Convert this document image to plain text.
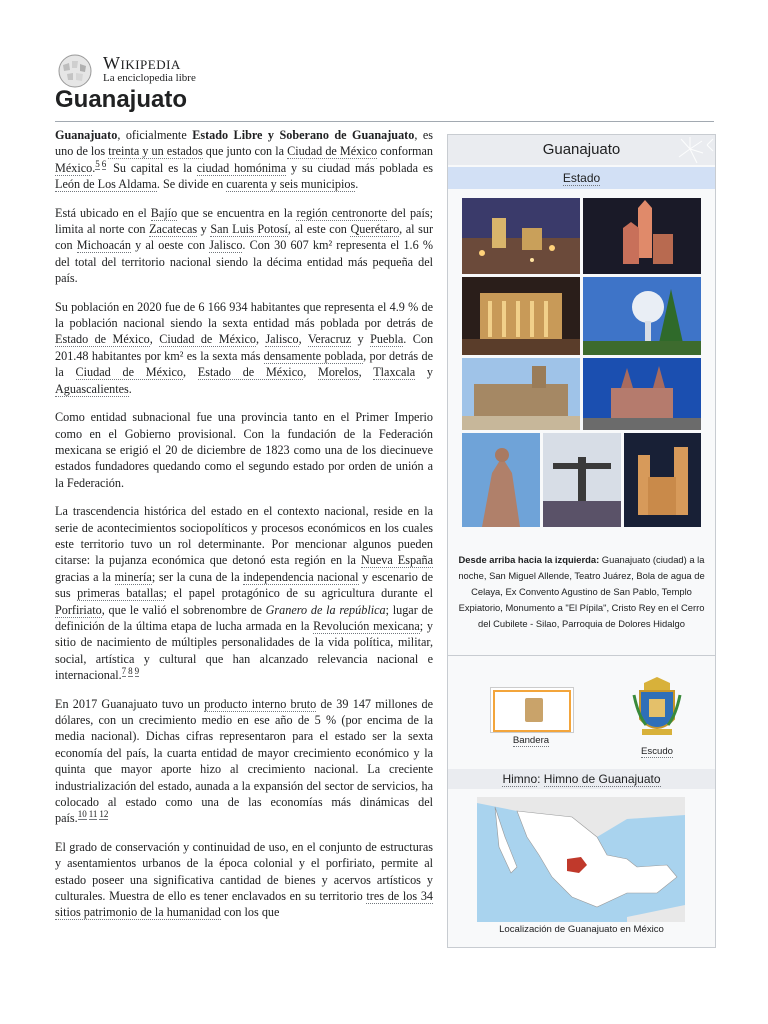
Wikipedia
La enciclopedia libre
Guanajuato

Guanajuato, oficialmente Estado Libre y Soberano de Guanajuato, es uno de los treinta y un estados que junto con la Ciudad de México conforman México.$^{5 6}$ Su capital es la ciudad homónima y su ciudad más poblada es León de Los Aldama. Se divide en cuarenta y seis municipios.

Está ubicado en el Bajío que se encuentra en la región centronorte del país; limita al norte con Zacatecas y San Luis Potosí, al este con Querétaro, al sur con Michoacán y al oeste con Jalisco. Con 30 607 km² representa el 1.6 % del total del territorio nacional siendo la décima entidad más pequeña del país.

Su población en 2020 fue de 6 166 934 habitantes que representa el 4.9 % de la población nacional siendo la sexta entidad más poblada por detrás de Estado de México, Ciudad de México, Jalisco, Veracruz y Puebla. Con 201.48 habitantes por km² es la sexta más densamente poblada, por detrás de la Ciudad de México, Estado de México, Morelos, Tlaxcala y Aguascalientes.

Como entidad subnacional fue una provincia tanto en el Primer Imperio como en el Gobierno provisional. Con la fundación de la Federación mexicana se erigió el 20 de diciembre de 1823 como una de los diecinueve estados fundadores quedando como el segundo estado por orden de unión a la Federación.

La trascendencia histórica del estado en el contexto nacional, reside en la serie de acontecimientos sociopolíticos y procesos económicos en los cuales este territorio tuvo un rol determinante. Por mencionar algunos pueden citarse: la pujanza económica que detonó esta región en la Nueva España gracias a la minería; ser la cuna de la independencia nacional y escenario de sus primeras batallas; el papel protagónico de su agricultura durante el Porfiriato, que le valió el sobrenombre de Granero de la república; lugar de definición de la última etapa de lucha armada en la Revolución mexicana; y sitio de nacimiento de múltiples personalidades de la vida política, militar, social, artística y cultural que han alcanzado relevancia nacional e internacional.$^{7 8 9}$

En 2017 Guanajuato tuvo un producto interno bruto de 39 147 millones de dólares, con un crecimiento medio en ese año de 5 % (por encima de la media nacional). Dichas cifras representaron para el estado ser la sexta economía del país, la cuarta entidad de mayor crecimiento económico y la quinta que mayor aporte hizo al crecimiento nacional. La creciente industrialización del estado, aunada a la expansión del sector de servicios, ha colocado al estado como una de las economías más dinámicas del país.$^{10 11 12}$

El grado de conservación y continuidad de uso, en el conjunto de estructuras y asentamientos urbanos de la época colonial y el porfiriato, permite al estado poseer una significativa cantidad de bienes y acervos artísticos y culturales. Muestra de ello es tener enclavados en su territorio tres de los 34 sitios patrimonio de la humanidad con los que

Guanajuato
Estado
Desde arriba hacia la izquierda: Guanajuato (ciudad) a la noche, San Miguel Allende, Teatro Juárez, Bola de agua de Celaya, Ex Convento Agustino de San Pablo, Templo Expiatorio, Monumento a "El Pípila", Cristo Rey en el Cerro del Cubilete - Silao, Parroquia de Dolores Hidalgo
Bandera
Escudo
Himno: Himno de Guanajuato
Localización de Guanajuato en México
